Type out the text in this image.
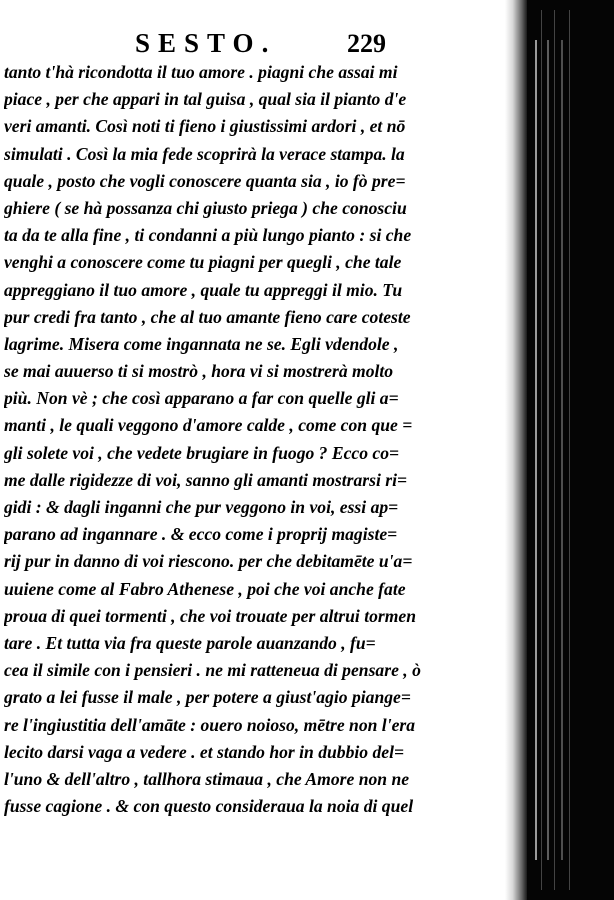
SESTO.	229
tanto t'hà ricondotta il tuo amore . piagni che assai mi
piace , per che appari in tal guisa , qual sia il pianto d'e
veri amanti. Così noti ti fieno i giustissimi ardori , et nō
simulati . Così la mia fede scoprirà la verace stampa. la
quale , posto che vogli conoscere quanta sia , io fò pre=
ghiere ( se hà possanza chi giusto priega ) che conosciu
ta da te alla fine , ti condanni a più lungo pianto : si che
venghi a conoscere come tu piagni per quegli , che tale
appreggiano il tuo amore , quale tu appreggi il mio. Tu
pur credi fra tanto , che al tuo amante fieno care coteste
lagrime. Misera come ingannata ne se. Egli vdendole ,
se mai auuerso ti si mostrò , hora vi si mostrerà molto
più. Non vè ; che così apparano a far con quelle gli a=
manti , le quali veggono d'amore calde , come con que =
gli solete voi , che vedete brugiare in fuogo ? Ecco co=
me dalle rigidezze di voi, sanno gli amanti mostrarsi ri=
gidi : & dagli inganni che pur veggono in voi, essi ap=
parano ad ingannare . & ecco come i proprij magiste=
rij pur in danno di voi riescono. per che debitamēte u'a=
uuiene come al Fabro Athenese , poi che voi anche fate
proua di quei tormenti , che voi trouate per altrui tormen
tare . Et tutta via fra queste parole auanzando , fu=
cea il simile con i pensieri . ne mi ratteneua di pensare , ò
grato a lei fusse il male , per potere a giust'agio piange=
re l'ingiustitia dell'amāte : ouero noioso, mētre non l'era
lecito darsi vaga a vedere . et stando hor in dubbio del=
l'uno & dell'altro , tallhora stimaua , che Amore non ne
fusse cagione . & con questo consideraua la noia di quel
